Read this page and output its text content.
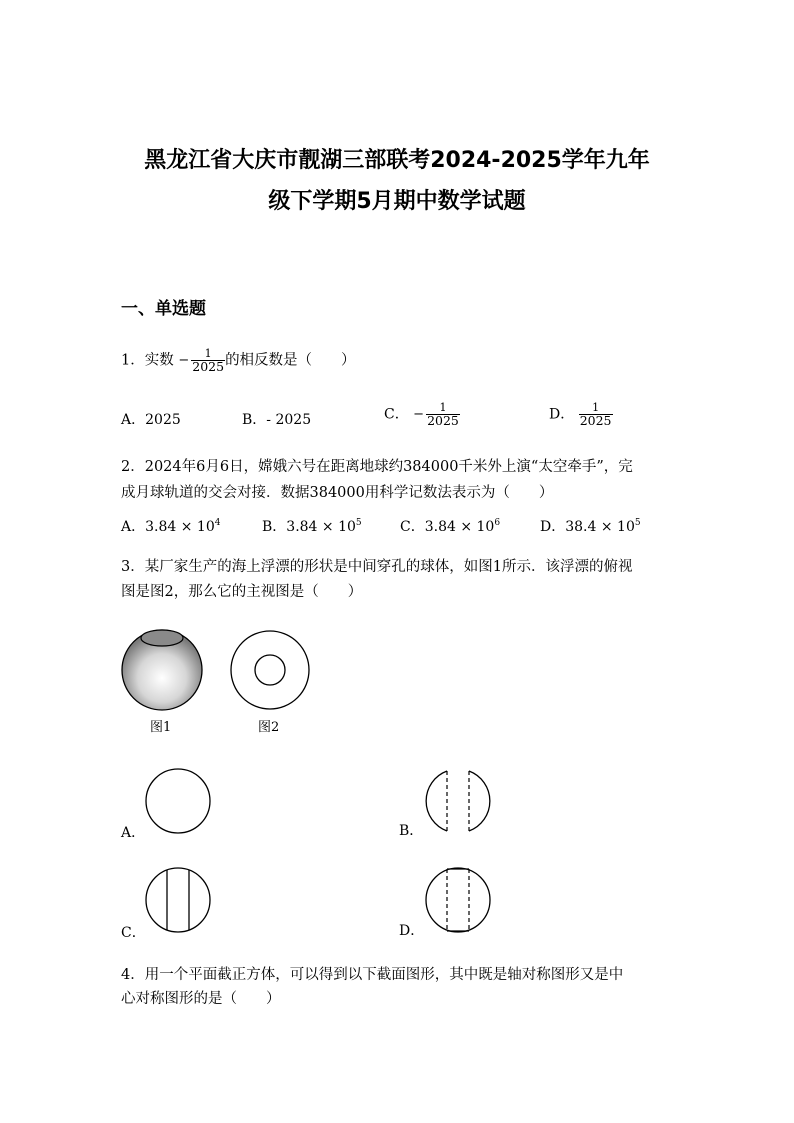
黑龙江省大庆市靓湖三部联考2024-2025学年九年
级下学期5月期中数学试题
一、单选题
1．实数 − $\frac{1}{2025}$ 的相反数是（　　）
A．2025	B．- 2025	C． − $\frac{1}{2025}$	D． $\frac{1}{2025}$
2．2024年6月6日，嫦娥六号在距离地球约384000千米外上演“太空牵手”，完
成月球轨道的交会对接．数据384000用科学记数法表示为（　　）
A．$3.84 \times 10^4$	B．$3.84 \times 10^5$	C．$3.84 \times 10^6$	D．$38.4 \times 10^5$
3．某厂家生产的海上浮漂的形状是中间穿孔的球体，如图1所示．该浮漂的俯视
图是图2，那么它的主视图是（　　）
图1	图2
A．	B．
C．	D．
4．用一个平面截正方体，可以得到以下截面图形，其中既是轴对称图形又是中
心对称图形的是（　　）
